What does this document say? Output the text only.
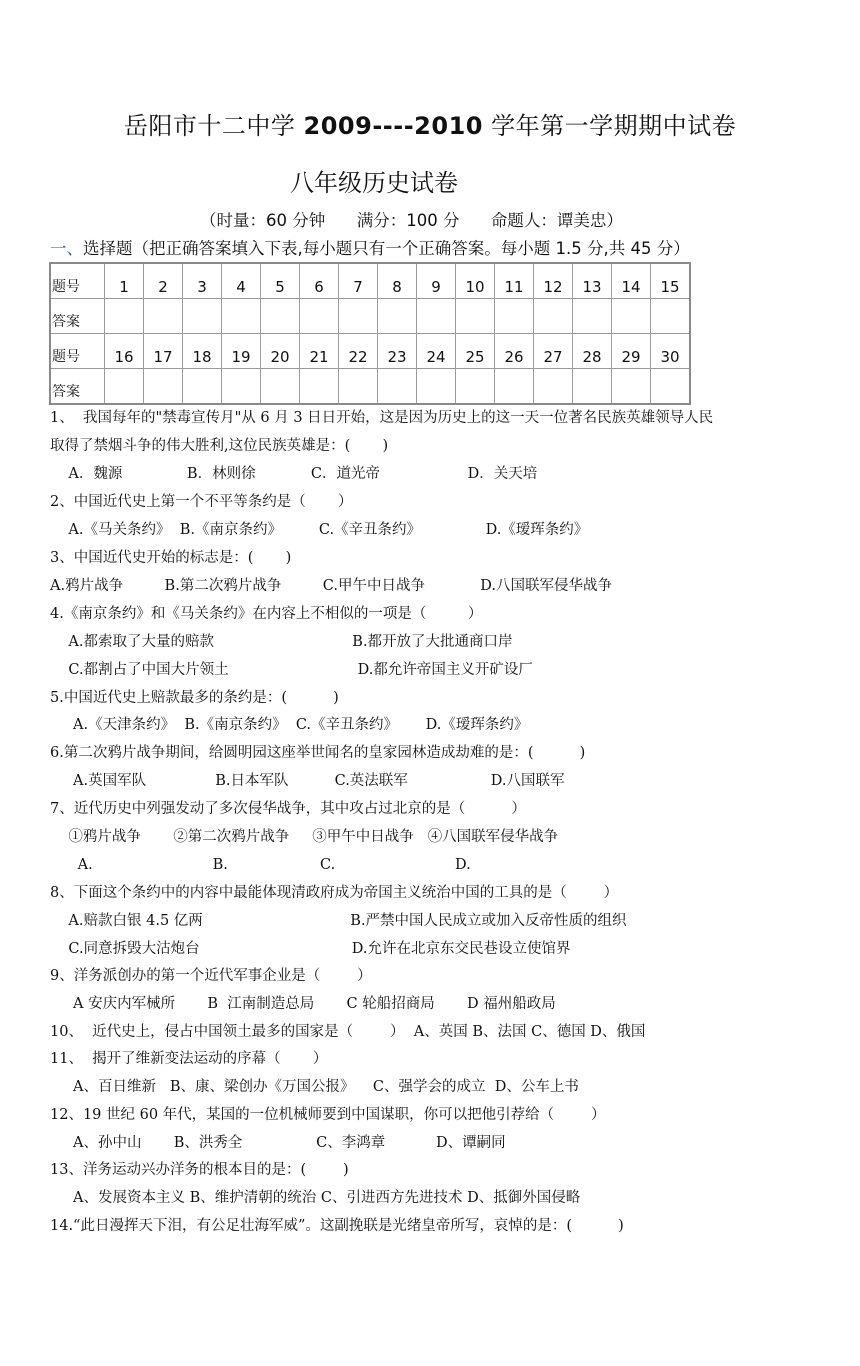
岳阳市十二中学 2009----2010 学年第一学期期中试卷
八年级历史试卷
（时量：60 分钟      满分：100 分      命题人：谭美忠）
一、选择题（把正确答案填入下表,每小题只有一个正确答案。每小题 1.5 分,共 45 分）
题号	1	2	3	4	5	6	7	8	9	10	11	12	13	14	15
答案															
题号	16	17	18	19	20	21	22	23	24	25	26	27	28	29	30
答案															
1、  我国每年的"禁毒宣传月"从 6 月 3 日日开始，这是因为历史上的这一天一位著名民族英雄领导人民
取得了禁烟斗争的伟大胜利,这位民族英雄是：(       )
A．魏源              B．林则徐            C．道光帝                   D．关天培
2、中国近代史上第一个不平等条约是（       ）
A.《马关条约》  B.《南京条约》        C.《辛丑条约》              D.《瑷珲条约》
3、中国近代史开始的标志是：(       )
A.鸦片战争         B.第二次鸦片战争         C.甲午中日战争            D.八国联军侵华战争
4.《南京条约》和《马关条约》在内容上不相似的一项是（         ）
A.都索取了大量的赔款                              B.都开放了大批通商口岸
C.都割占了中国大片领土                            D.都允许帝国主义开矿设厂
5.中国近代史上赔款最多的条约是：(          )
A.《天津条约》  B.《南京条约》  C.《辛丑条约》      D.《瑷珲条约》
6.第二次鸦片战争期间，给圆明园这座举世闻名的皇家园林造成劫难的是：(          )
A.英国军队               B.日本军队          C.英法联军                  D.八国联军
7、近代历史中列强发动了多次侵华战争，其中攻占过北京的是（          ）
①鸦片战争       ②第二次鸦片战争     ③甲午中日战争   ④八国联军侵华战争
A.                          B.                    C.                          D.
8、下面这个条约中的内容中最能体现清政府成为帝国主义统治中国的工具的是（        ）
A.赔款白银 4.5 亿两                                B.严禁中国人民成立或加入反帝性质的组织
C.同意拆毁大沽炮台                                 D.允许在北京东交民巷设立使馆界
9、洋务派创办的第一个近代军事企业是（        ）
A 安庆内军械所       B  江南制造总局       C 轮船招商局       D 福州船政局
10、  近代史上，侵占中国领土最多的国家是（        ）  A、英国 B、法国 C、德国 D、俄国
11、  揭开了维新变法运动的序幕（       ）
A、百日维新   B、康、梁创办《万国公报》    C、强学会的成立  D、公车上书
12、19 世纪 60 年代，某国的一位机械师要到中国谋职，你可以把他引荐给（        ）
A、孙中山       B、洪秀全                C、李鸿章           D、谭嗣同
13、洋务运动兴办洋务的根本目的是：(        )
A、发展资本主义 B、维护清朝的统治 C、引进西方先进技术 D、抵御外国侵略
14.“此日漫挥天下泪，有公足壮海军威”。这副挽联是光绪皇帝所写，哀悼的是：(          )
